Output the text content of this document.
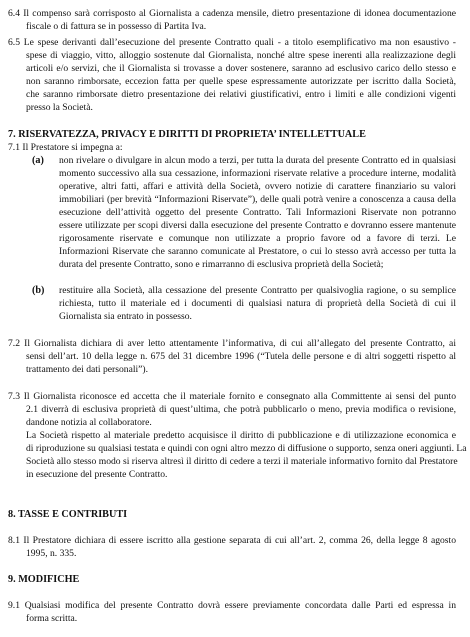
6.4 Il compenso sarà corrisposto al Giornalista a cadenza mensile, dietro presentazione di idonea documentazione
fiscale o di fattura se in possesso di Partita Iva.
6.5 Le spese derivanti dall’esecuzione del presente Contratto quali - a titolo esemplificativo ma non esaustivo -
spese di viaggio, vitto, alloggio sostenute dal Giornalista, nonché altre spese inerenti alla realizzazione degli
articoli e/o servizi, che il Giornalista si trovasse a dover sostenere, saranno ad esclusivo carico dello stesso e
non saranno rimborsate, eccezion fatta per quelle spese espressamente autorizzate per iscritto dalla Società,
che saranno rimborsate dietro presentazione dei relativi giustificativi, entro i limiti e alle condizioni vigenti
presso la Società.
7. RISERVATEZZA, PRIVACY E DIRITTI DI PROPRIETA’ INTELLETTUALE
7.1 Il Prestatore si impegna a:
(a) non rivelare o divulgare in alcun modo a terzi, per tutta la durata del presente Contratto ed in qualsiasi
momento successivo alla sua cessazione, informazioni riservate relative a procedure interne, modalità
operative, altri fatti, affari e attività della Società, ovvero notizie di carattere finanziario su valori
immobiliari (per brevità “Informazioni Riservate”), delle quali potrà venire a conoscenza a causa della
esecuzione dell’attività oggetto del presente Contratto. Tali Informazioni Riservate non potranno
essere utilizzate per scopi diversi dalla esecuzione del presente Contratto e dovranno essere mantenute
rigorosamente riservate e comunque non utilizzate a proprio favore od a favore di terzi. Le
Informazioni Riservate che saranno comunicate al Prestatore, o cui lo stesso avrà accesso per tutta la
durata del presente Contratto, sono e rimarranno di esclusiva proprietà della Società;
(b) restituire alla Società, alla cessazione del presente Contratto per qualsivoglia ragione, o su semplice
richiesta, tutto il materiale ed i documenti di qualsiasi natura di proprietà della Società di cui il
Giornalista sia entrato in possesso.
7.2 Il Giornalista dichiara di aver letto attentamente l’informativa, di cui all’allegato del presente Contratto, ai
sensi dell’art. 10 della legge n. 675 del 31 dicembre 1996 (“Tutela delle persone e di altri soggetti rispetto al
trattamento dei dati personali”).
7.3 Il Giornalista riconosce ed accetta che il materiale fornito e consegnato alla Committente ai sensi del punto
2.1 diverrà di esclusiva proprietà di quest’ultima, che potrà pubblicarlo o meno, previa modifica o revisione,
dandone notizia al collaboratore.
La Società rispetto al materiale predetto acquisisce il diritto di pubblicazione e di utilizzazione economica e
di riproduzione su qualsiasi testata e quindi con ogni altro mezzo di diffusione o supporto, senza oneri aggiunti. La
Società allo stesso modo si riserva altresì il diritto di cedere a terzi il materiale informativo fornito dal Prestatore
in esecuzione del presente Contratto.
8. TASSE E CONTRIBUTI
8.1 Il Prestatore dichiara di essere iscritto alla gestione separata di cui all’art. 2, comma 26, della legge 8 agosto
1995, n. 335.
9. MODIFICHE
9.1 Qualsiasi modifica del presente Contratto dovrà essere previamente concordata dalle Parti ed espressa in
forma scritta.
